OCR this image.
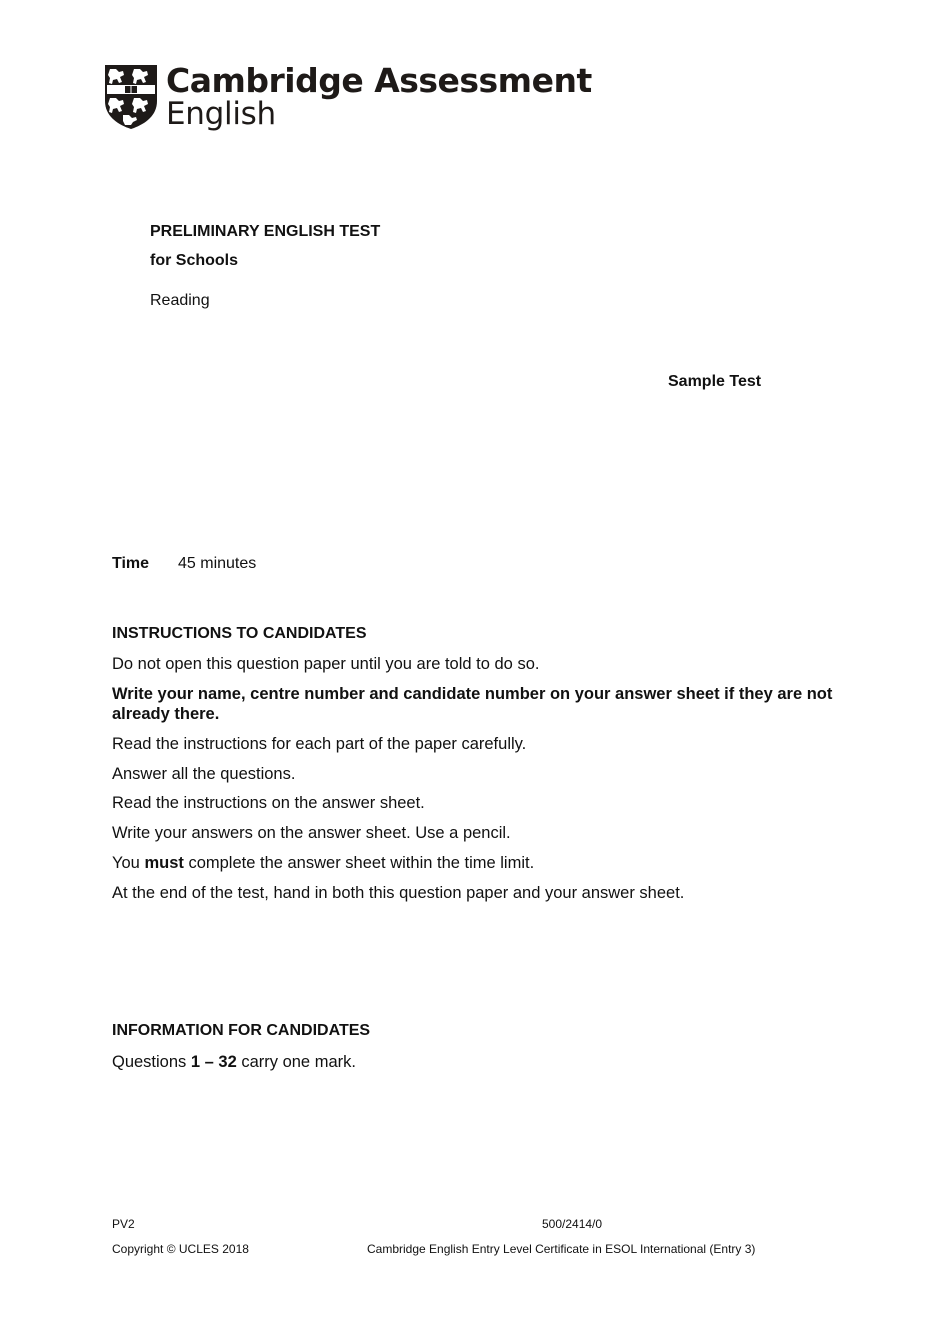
Cambridge Assessment
English
PRELIMINARY ENGLISH TEST
for Schools
Reading
Sample Test
Time 45 minutes
INSTRUCTIONS TO CANDIDATES
Do not open this question paper until you are told to do so.
Write your name, centre number and candidate number on your answer sheet if they are not already there.
Read the instructions for each part of the paper carefully.
Answer all the questions.
Read the instructions on the answer sheet.
Write your answers on the answer sheet. Use a pencil.
You must complete the answer sheet within the time limit.
At the end of the test, hand in both this question paper and your answer sheet.
INFORMATION FOR CANDIDATES
Questions 1 – 32 carry one mark.
PV2	500/2414/0
Copyright © UCLES 2018	Cambridge English Entry Level Certificate in ESOL International (Entry 3)
